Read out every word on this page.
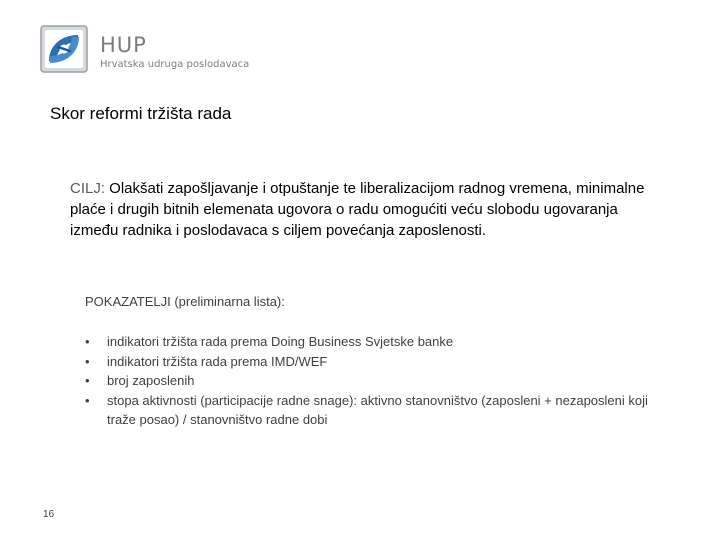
HUP
Hrvatska udruga poslodavaca
Skor reformi tržišta rada
CILJ: Olakšati zapošljavanje i otpuštanje te liberalizacijom radnog vremena, minimalne plaće i drugih bitnih elemenata ugovora o radu omogućiti veću slobodu ugovaranja između radnika i poslodavaca s ciljem povećanja zaposlenosti.
POKAZATELJI (preliminarna lista):
• indikatori tržišta rada prema Doing Business Svjetske banke
• indikatori tržišta rada prema IMD/WEF
• broj zaposlenih
• stopa aktivnosti (participacije radne snage): aktivno stanovništvo (zaposleni + nezaposleni koji traže posao) / stanovništvo radne dobi
16
